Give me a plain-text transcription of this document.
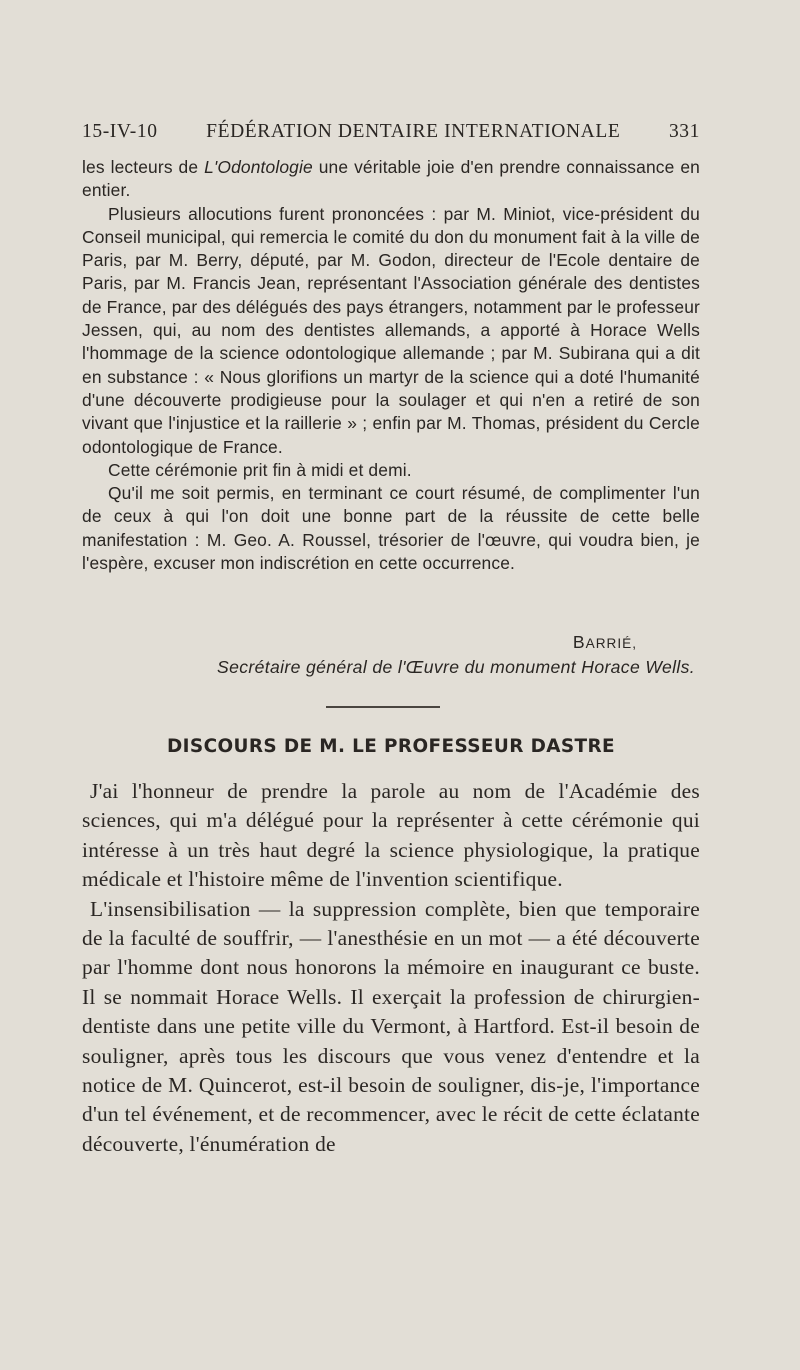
15-IV-10 FÉDÉRATION DENTAIRE INTERNATIONALE 331

les lecteurs de L'Odontologie une véritable joie d'en prendre connaissance en entier.

Plusieurs allocutions furent prononcées : par M. Miniot, vice-président du Conseil municipal, qui remercia le comité du don du monument fait à la ville de Paris, par M. Berry, député, par M. Godon, directeur de l'Ecole dentaire de Paris, par M. Francis Jean, représentant l'Association générale des dentistes de France, par des délégués des pays étrangers, notamment par le professeur Jessen, qui, au nom des dentistes allemands, a apporté à Horace Wells l'hommage de la science odontologique allemande ; par M. Subirana qui a dit en substance : « Nous glorifions un martyr de la science qui a doté l'humanité d'une découverte prodigieuse pour la soulager et qui n'en a retiré de son vivant que l'injustice et la raillerie » ; enfin par M. Thomas, président du Cercle odontologique de France.

Cette cérémonie prit fin à midi et demi.

Qu'il me soit permis, en terminant ce court résumé, de complimenter l'un de ceux à qui l'on doit une bonne part de la réussite de cette belle manifestation : M. Geo. A. Roussel, trésorier de l'œuvre, qui voudra bien, je l'espère, excuser mon indiscrétion en cette occurrence.

BARRIÉ,
Secrétaire général de l'Œuvre du monument Horace Wells.
DISCOURS DE M. LE PROFESSEUR DASTRE

J'ai l'honneur de prendre la parole au nom de l'Académie des sciences, qui m'a délégué pour la représenter à cette cérémonie qui intéresse à un très haut degré la science physiologique, la pratique médicale et l'histoire même de l'invention scientifique.

L'insensibilisation — la suppression complète, bien que temporaire de la faculté de souffrir, — l'anesthésie en un mot — a été découverte par l'homme dont nous honorons la mémoire en inaugurant ce buste. Il se nommait Horace Wells. Il exerçait la profession de chirurgien-dentiste dans une petite ville du Vermont, à Hartford. Est-il besoin de souligner, après tous les discours que vous venez d'entendre et la notice de M. Quincerot, est-il besoin de souligner, dis-je, l'importance d'un tel événement, et de recommencer, avec le récit de cette éclatante découverte, l'énumération de
